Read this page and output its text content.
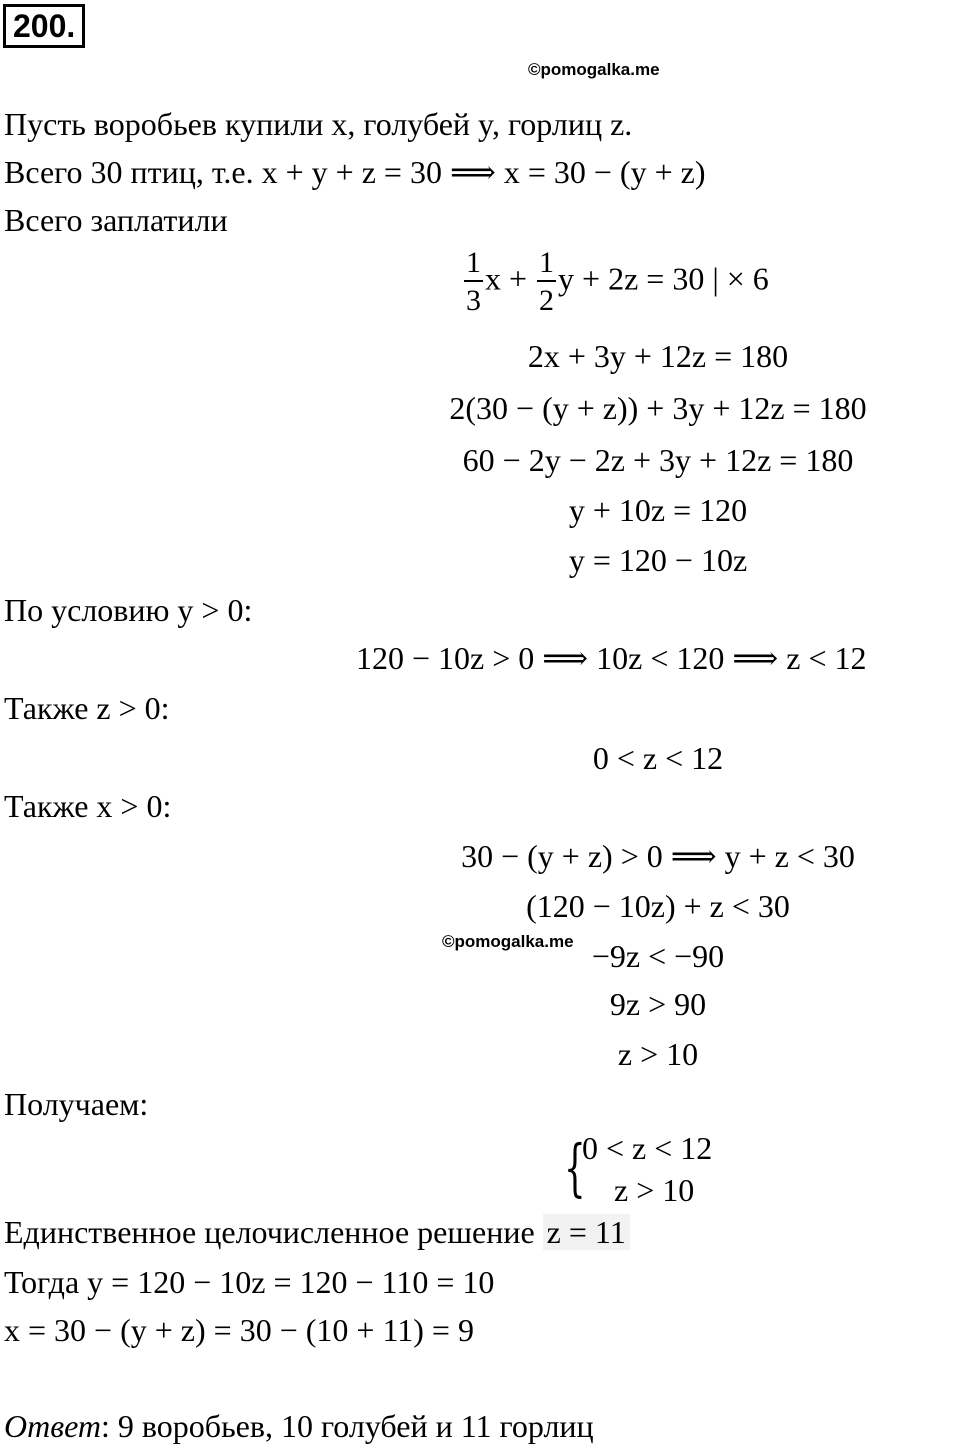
200.
©pomogalka.me
Пусть воробьев купили x, голубей y, горлиц z.
Всего 30 птиц, т.е. x + y + z = 30 ⟹ x = 30 − (y + z)
Всего заплатили
$\frac{1}{3}$ $x + \frac{1}{2}$ y + 2z = 30 | × 6
2x + 3y + 12z = 180
2(30 − (y + z)) + 3y + 12z = 180
60 − 2y − 2z + 3y + 12z = 180
y + 10z = 120
y = 120 − 10z
По условию y > 0:
120 − 10z > 0 ⟹ 10z < 120 ⟹ z < 12
Также z > 0:
0 < z < 12
Также x > 0:
30 − (y + z) > 0 ⟹ y + z < 30
(120 − 10z) + z < 30
©pomogalka.me −9z < −90
9z > 90
z > 10
Получаем:
{
0 < z < 12
z > 10
Единственное целочисленное решение z = 11
Тогда y = 120 − 10z = 120 − 110 = 10
x = 30 − (y + z) = 30 − (10 + 11) = 9
Ответ: 9 воробьев, 10 голубей и 11 горлиц
